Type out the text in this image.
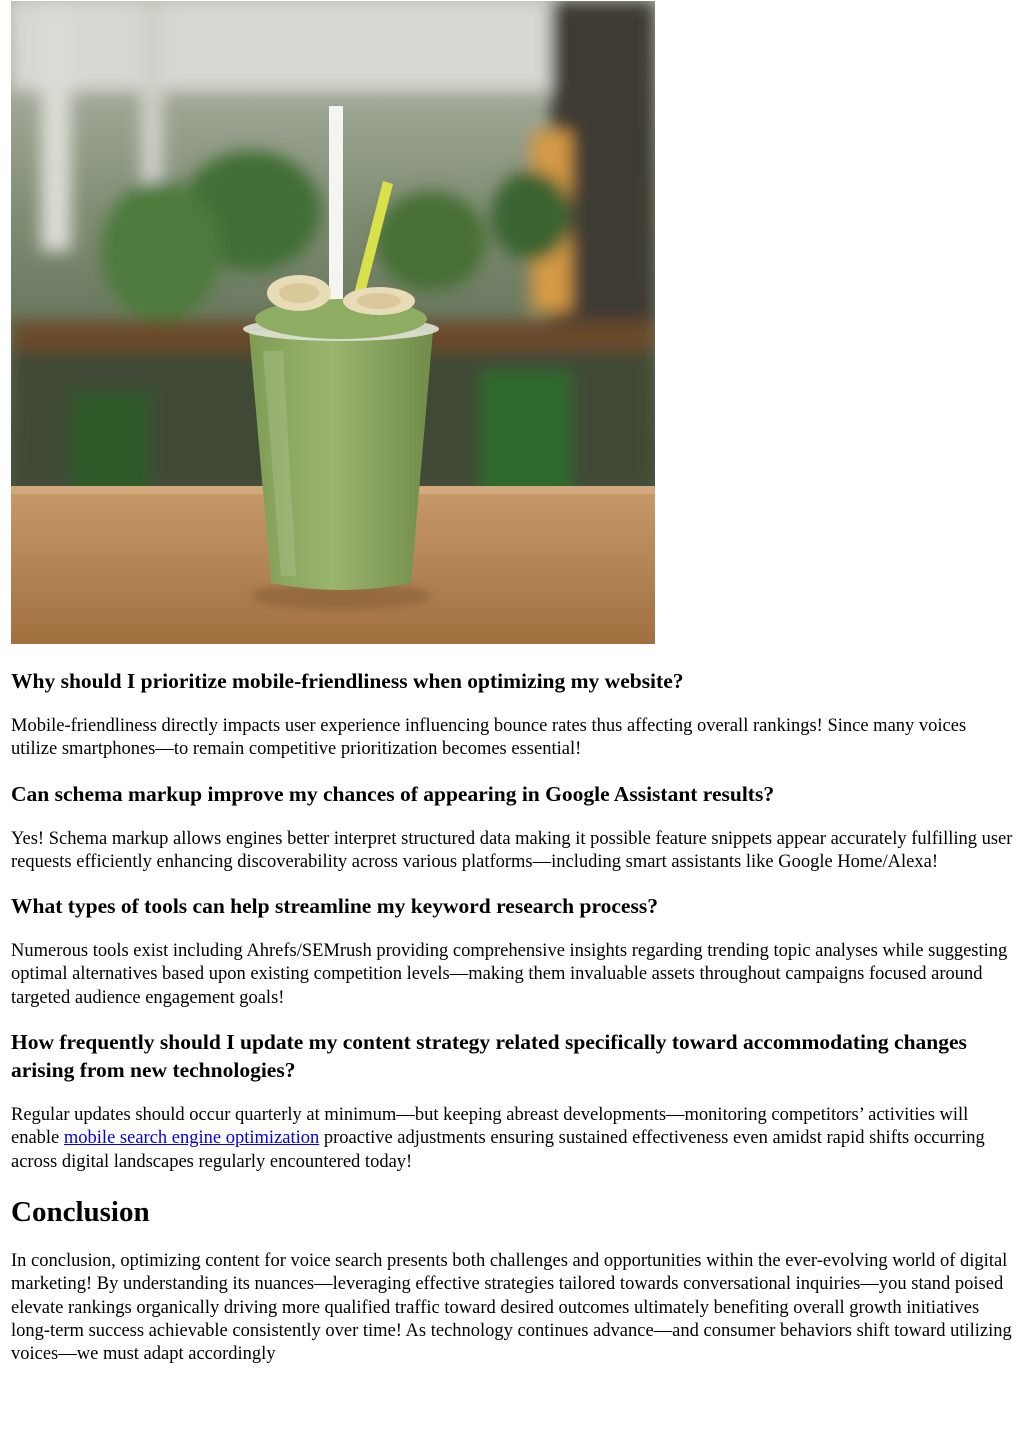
Why should I prioritize mobile-friendliness when optimizing my website?

Mobile-friendliness directly impacts user experience influencing bounce rates thus affecting overall rankings! Since many voices utilize smartphones—to remain competitive prioritization becomes essential!

Can schema markup improve my chances of appearing in Google Assistant results?

Yes! Schema markup allows engines better interpret structured data making it possible feature snippets appear accurately fulfilling user requests efficiently enhancing discoverability across various platforms—including smart assistants like Google Home/Alexa!

What types of tools can help streamline my keyword research process?

Numerous tools exist including Ahrefs/SEMrush providing comprehensive insights regarding trending topic analyses while suggesting optimal alternatives based upon existing competition levels—making them invaluable assets throughout campaigns focused around targeted audience engagement goals!

How frequently should I update my content strategy related specifically toward accommodating changes arising from new technologies?

Regular updates should occur quarterly at minimum—but keeping abreast developments—monitoring competitors’ activities will enable mobile search engine optimization proactive adjustments ensuring sustained effectiveness even amidst rapid shifts occurring across digital landscapes regularly encountered today!

Conclusion

In conclusion, optimizing content for voice search presents both challenges and opportunities within the ever-evolving world of digital marketing! By understanding its nuances—leveraging effective strategies tailored towards conversational inquiries—you stand poised elevate rankings organically driving more qualified traffic toward desired outcomes ultimately benefiting overall growth initiatives long-term success achievable consistently over time! As technology continues advance—and consumer behaviors shift toward utilizing voices—we must adapt accordingly
